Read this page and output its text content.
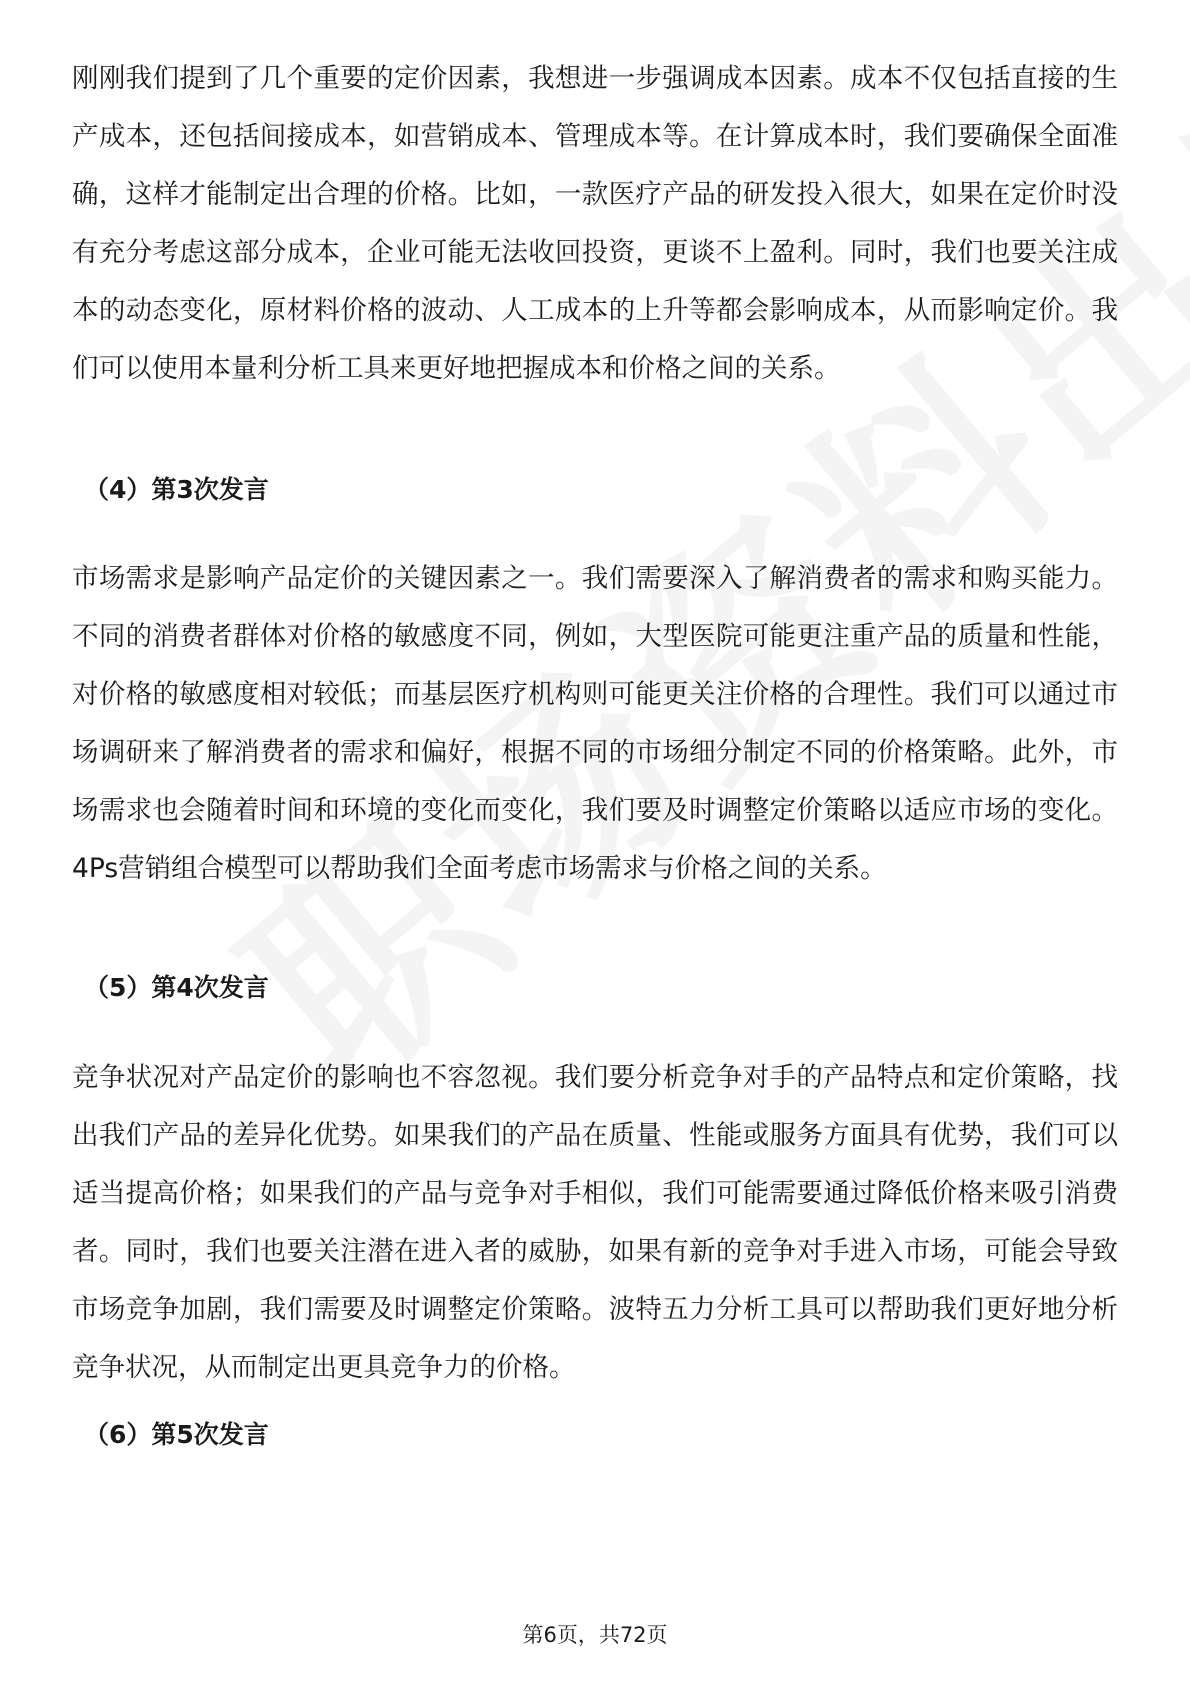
刚刚我们提到了几个重要的定价因素，我想进一步强调成本因素。成本不仅包括直接的生产成本，还包括间接成本，如营销成本、管理成本等。在计算成本时，我们要确保全面准确，这样才能制定出合理的价格。比如，一款医疗产品的研发投入很大，如果在定价时没有充分考虑这部分成本，企业可能无法收回投资，更谈不上盈利。同时，我们也要关注成本的动态变化，原材料价格的波动、人工成本的上升等都会影响成本，从而影响定价。我们可以使用本量利分析工具来更好地把握成本和价格之间的关系。

（4）第3次发言

市场需求是影响产品定价的关键因素之一。我们需要深入了解消费者的需求和购买能力。不同的消费者群体对价格的敏感度不同，例如，大型医院可能更注重产品的质量和性能，对价格的敏感度相对较低；而基层医疗机构则可能更关注价格的合理性。我们可以通过市场调研来了解消费者的需求和偏好，根据不同的市场细分制定不同的价格策略。此外，市场需求也会随着时间和环境的变化而变化，我们要及时调整定价策略以适应市场的变化。4Ps营销组合模型可以帮助我们全面考虑市场需求与价格之间的关系。

（5）第4次发言

竞争状况对产品定价的影响也不容忽视。我们要分析竞争对手的产品特点和定价策略，找出我们产品的差异化优势。如果我们的产品在质量、性能或服务方面具有优势，我们可以适当提高价格；如果我们的产品与竞争对手相似，我们可能需要通过降低价格来吸引消费者。同时，我们也要关注潜在进入者的威胁，如果有新的竞争对手进入市场，可能会导致市场竞争加剧，我们需要及时调整定价策略。波特五力分析工具可以帮助我们更好地分析竞争状况，从而制定出更具竞争力的价格。

（6）第5次发言
第6页，共72页
